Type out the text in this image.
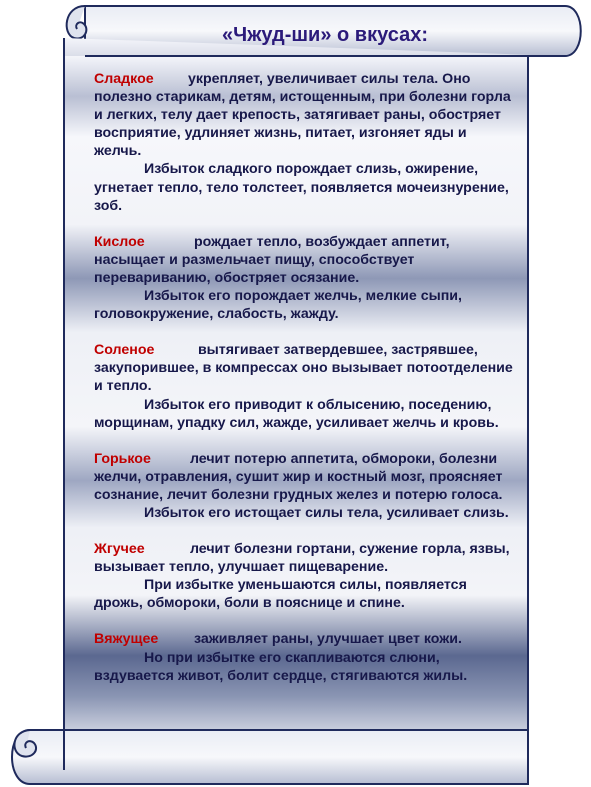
«Чжуд-ши» о вкусах:

Сладкое укрепляет, увеличивает силы тела. Оно полезно старикам, детям, истощенным, при болезни горла и легких, телу дает крепость, затягивает раны, обостряет восприятие, удлиняет жизнь, питает, изгоняет яды и желчь.

Избыток сладкого порождает слизь, ожирение, угнетает тепло, тело толстеет, появляется мочеизнурение, зоб.

Кислое	рождает тепло, возбуждает аппетит, насыщает и размельчает пищу, способствует перевариванию, обостряет осязание.

Избыток его порождает желчь, мелкие сыпи, головокружение, слабость, жажду.

Соленое	вытягивает затвердевшее, застрявшее, закупорившее, в компрессах оно вызывает потоотделение и тепло.

Избыток его приводит к облысению, поседению, морщинам, упадку сил, жажде, усиливает желчь и кровь.

Горькое	лечит потерю аппетита, обмороки, болезни желчи, отравления, сушит жир и костный мозг, проясняет сознание, лечит болезни грудных желез и потерю голоса.

Избыток его истощает силы тела, усиливает слизь.

Жгучее	лечит болезни гортани, сужение горла, язвы, вызывает тепло, улучшает пищеварение.

При избытке уменьшаются силы, появляется дрожь, обмороки, боли в пояснице и спине.

Вяжущее	заживляет раны, улучшает цвет кожи.

Но при избытке его скапливаются слюни, вздувается живот, болит сердце, стягиваются жилы.
